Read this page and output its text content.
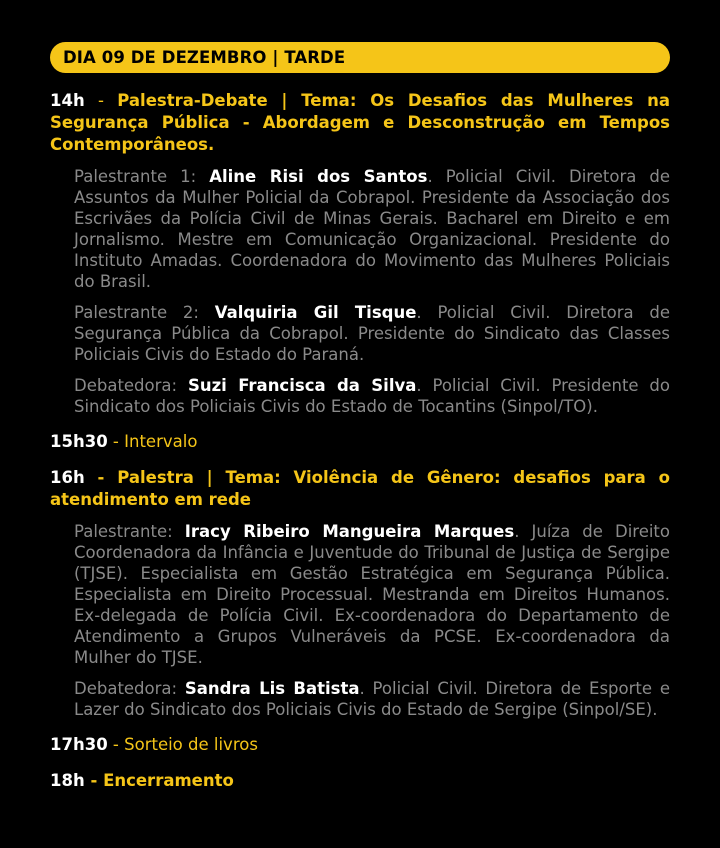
DIA 09 DE DEZEMBRO | TARDE
14h - Palestra-Debate | Tema: Os Desafios das Mulheres na Segurança Pública - Abordagem e Desconstrução em Tempos Contemporâneos.
Palestrante 1: Aline Risi dos Santos. Policial Civil. Diretora de Assuntos da Mulher Policial da Cobrapol. Presidente da Associação dos Escrivães da Polícia Civil de Minas Gerais. Bacharel em Direito e em Jornalismo. Mestre em Comunicação Organizacional. Presidente do Instituto Amadas. Coordenadora do Movimento das Mulheres Policiais do Brasil.
Palestrante 2: Valquiria Gil Tisque. Policial Civil. Diretora de Segurança Pública da Cobrapol. Presidente do Sindicato das Classes Policiais Civis do Estado do Paraná.
Debatedora: Suzi Francisca da Silva. Policial Civil. Presidente do Sindicato dos Policiais Civis do Estado de Tocantins (Sinpol/TO).
15h30 - Intervalo
16h - Palestra | Tema: Violência de Gênero: desafios para o atendimento em rede
Palestrante: Iracy Ribeiro Mangueira Marques. Juíza de Direito Coordenadora da Infância e Juventude do Tribunal de Justiça de Sergipe (TJSE). Especialista em Gestão Estratégica em Segurança Pública. Especialista em Direito Processual. Mestranda em Direitos Humanos. Ex-delegada de Polícia Civil. Ex-coordenadora do Departamento de Atendimento a Grupos Vulneráveis da PCSE. Ex-coordenadora da Mulher do TJSE.
Debatedora: Sandra Lis Batista. Policial Civil. Diretora de Esporte e Lazer do Sindicato dos Policiais Civis do Estado de Sergipe (Sinpol/SE).
17h30 - Sorteio de livros
18h - Encerramento
